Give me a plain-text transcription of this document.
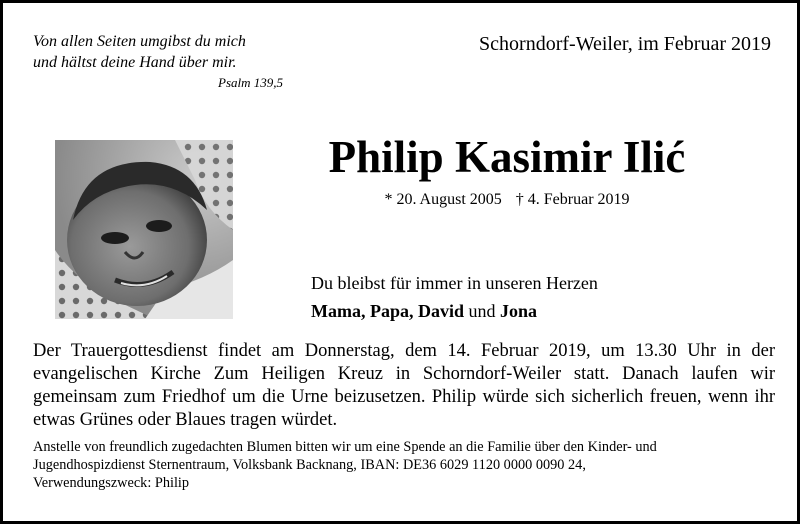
Von allen Seiten umgibst du mich
und hältst deine Hand über mir.
Psalm 139,5
Schorndorf-Weiler, im Februar 2019
Philip Kasimir Ilić
* 20. August 2005 † 4. Februar 2019
Du bleibst für immer in unseren Herzen
Mama, Papa, David und Jona
Der Trauergottesdienst findet am Donnerstag, dem 14. Februar 2019, um 13.30 Uhr in der evangelischen Kirche Zum Heiligen Kreuz in Schorndorf-Weiler statt. Danach laufen wir gemeinsam zum Friedhof um die Urne beizusetzen. Philip würde sich sicherlich freuen, wenn ihr etwas Grünes oder Blaues tragen würdet.
Anstelle von freundlich zugedachten Blumen bitten wir um eine Spende an die Familie über den Kinder- und
Jugendhospizdienst Sternentraum, Volksbank Backnang, IBAN: DE36 6029 1120 0000 0090 24,
Verwendungszweck: Philip
